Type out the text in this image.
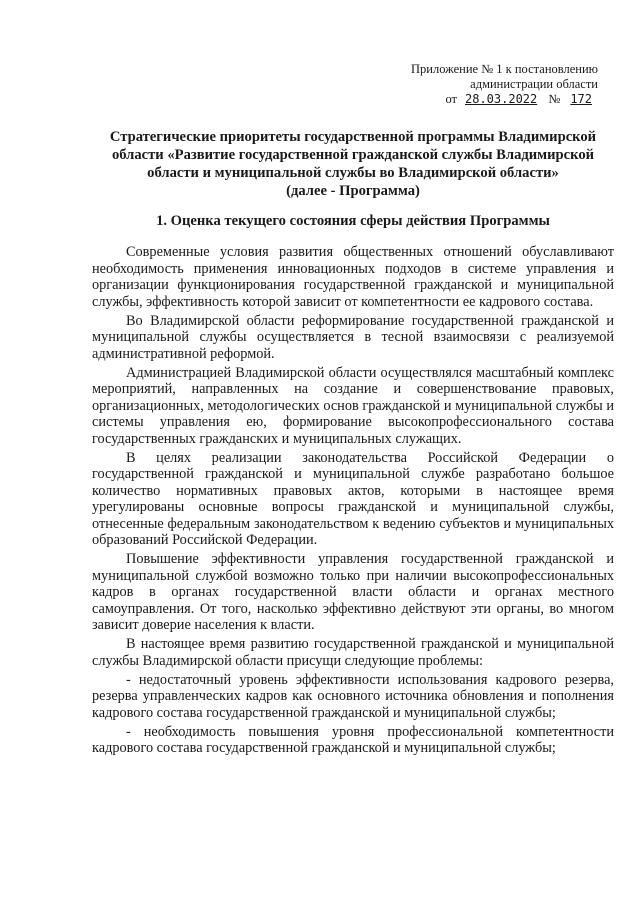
Приложение № 1 к постановлению
администрации области
от 28.03.2022 № 172
Стратегические приоритеты государственной программы Владимирской
области «Развитие государственной гражданской службы Владимирской
области и муниципальной службы во Владимирской области»
(далее - Программа)
1. Оценка текущего состояния сферы действия Программы

Современные условия развития общественных отношений обуславливают необходимость применения инновационных подходов в системе управления и организации функционирования государственной гражданской и муниципальной службы, эффективность которой зависит от компетентности ее кадрового состава.

Во Владимирской области реформирование государственной гражданской и муниципальной службы осуществляется в тесной взаимосвязи с реализуемой административной реформой.

Администрацией Владимирской области осуществлялся масштабный комплекс мероприятий, направленных на создание и совершенствование правовых, организационных, методологических основ гражданской и муниципальной службы и системы управления ею, формирование высокопрофессионального состава государственных гражданских и муниципальных служащих.

В целях реализации законодательства Российской Федерации о государственной гражданской и муниципальной службе разработано большое количество нормативных правовых актов, которыми в настоящее время урегулированы основные вопросы гражданской и муниципальной службы, отнесенные федеральным законодательством к ведению субъектов и муниципальных образований Российской Федерации.

Повышение эффективности управления государственной гражданской и муниципальной службой возможно только при наличии высокопрофессиональных кадров в органах государственной власти области и органах местного самоуправления. От того, насколько эффективно действуют эти органы, во многом зависит доверие населения к власти.

В настоящее время развитию государственной гражданской и муниципальной службы Владимирской области присущи следующие проблемы:

- недостаточный уровень эффективности использования кадрового резерва, резерва управленческих кадров как основного источника обновления и пополнения кадрового состава государственной гражданской и муниципальной службы;

- необходимость повышения уровня профессиональной компетентности кадрового состава государственной гражданской и муниципальной службы;
